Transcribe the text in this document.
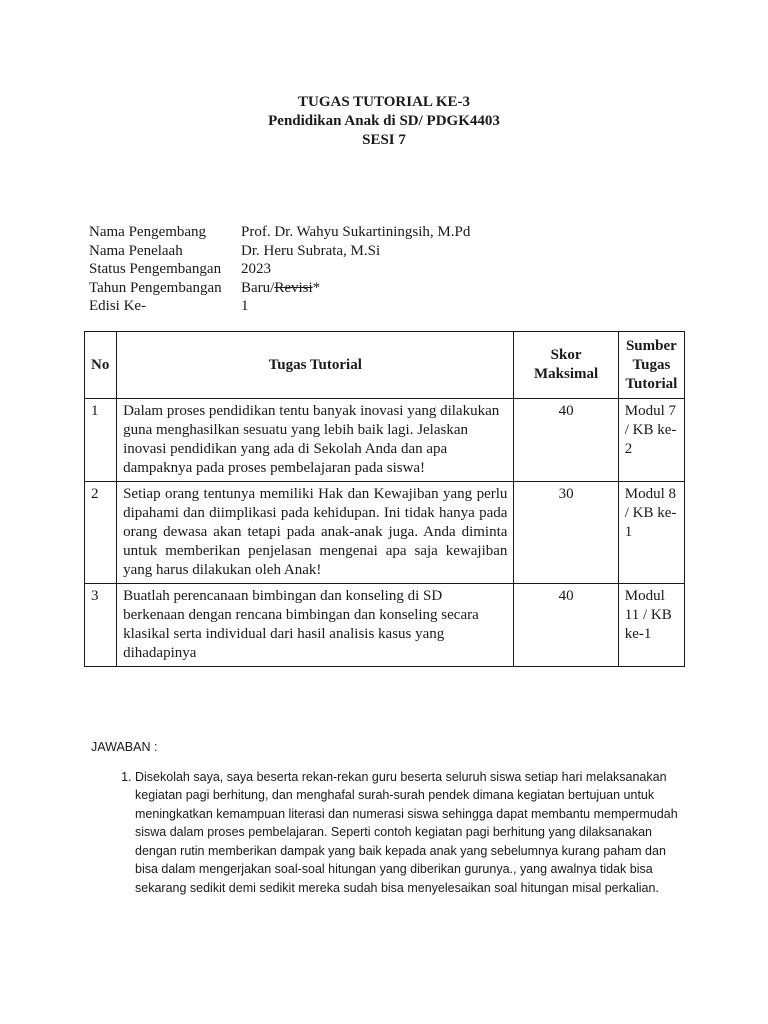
TUGAS TUTORIAL KE-3
Pendidikan Anak di SD/ PDGK4403
SESI 7
Nama Pengembang	Prof. Dr. Wahyu Sukartiningsih, M.Pd
Nama Penelaah	Dr. Heru Subrata, M.Si
Status Pengembangan	2023
Tahun Pengembangan	Baru/Revisi*
Edisi Ke-	1
No	Tugas Tutorial	Skor Maksimal	Sumber Tugas Tutorial
1	Dalam proses pendidikan tentu banyak inovasi yang dilakukan guna menghasilkan sesuatu yang lebih baik lagi. Jelaskan inovasi pendidikan yang ada di Sekolah Anda dan apa dampaknya pada proses pembelajaran pada siswa!	40	Modul 7 / KB ke-2
2	Setiap orang tentunya memiliki Hak dan Kewajiban yang perlu dipahami dan diimplikasi pada kehidupan. Ini tidak hanya pada orang dewasa akan tetapi pada anak-anak juga. Anda diminta untuk memberikan penjelasan mengenai apa saja kewajiban yang harus dilakukan oleh Anak!	30	Modul 8 / KB ke-1
3	Buatlah perencanaan bimbingan dan konseling di SD berkenaan dengan rencana bimbingan dan konseling secara klasikal serta individual dari hasil analisis kasus yang dihadapinya	40	Modul 11 / KB ke-1
JAWABAN :
1. Disekolah saya, saya beserta rekan-rekan guru beserta seluruh siswa setiap hari melaksanakan kegiatan pagi berhitung, dan menghafal surah-surah pendek dimana kegiatan bertujuan untuk meningkatkan kemampuan literasi dan numerasi siswa sehingga dapat membantu mempermudah siswa dalam proses pembelajaran. Seperti contoh kegiatan pagi berhitung yang dilaksanakan dengan rutin memberikan dampak yang baik kepada anak yang sebelumnya kurang paham dan bisa dalam mengerjakan soal-soal hitungan yang diberikan gurunya., yang awalnya tidak bisa sekarang sedikit demi sedikit mereka sudah bisa menyelesaikan soal hitungan misal perkalian.
